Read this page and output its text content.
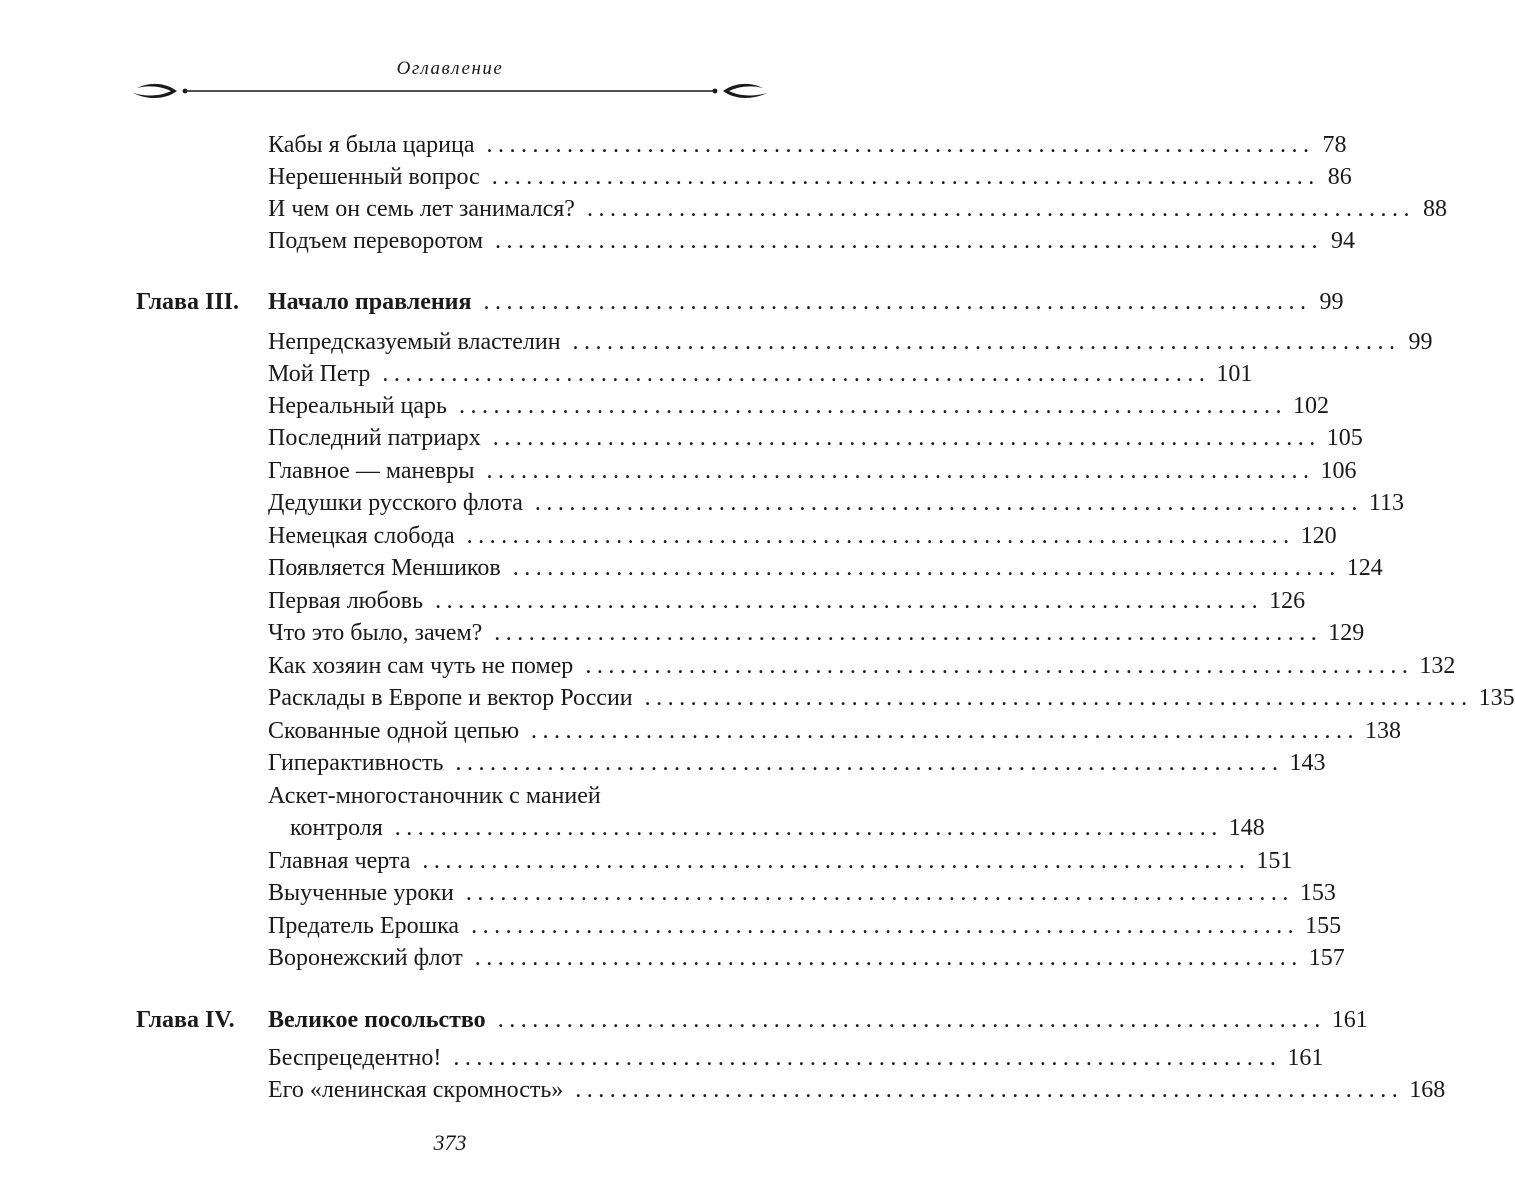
Оглавление
Кабы я была царица ........................................................................ 78
Нерешенный вопрос ........................................................................ 86
И чем он семь лет занимался? ........................................................................ 88
Подъем переворотом ........................................................................ 94
Глава III. Начало правления ........................................................................ 99
Непредсказуемый властелин ........................................................................ 99
Мой Петр ........................................................................ 101
Нереальный царь ........................................................................ 102
Последний патриарх ........................................................................ 105
Главное — маневры ........................................................................ 106
Дедушки русского флота ........................................................................ 113
Немецкая слобода ........................................................................ 120
Появляется Меншиков ........................................................................ 124
Первая любовь ........................................................................ 126
Что это было, зачем? ........................................................................ 129
Как хозяин сам чуть не помер ........................................................................ 132
Расклады в Европе и вектор России ........................................................................ 135
Скованные одной цепью ........................................................................ 138
Гиперактивность ........................................................................ 143
Аскет-многостаночник с манией
контроля ........................................................................ 148
Главная черта ........................................................................ 151
Выученные уроки ........................................................................ 153
Предатель Ерошка ........................................................................ 155
Воронежский флот ........................................................................ 157
Глава IV. Великое посольство ........................................................................ 161
Беспрецедентно! ........................................................................ 161
Его «ленинская скромность» ........................................................................ 168
373
